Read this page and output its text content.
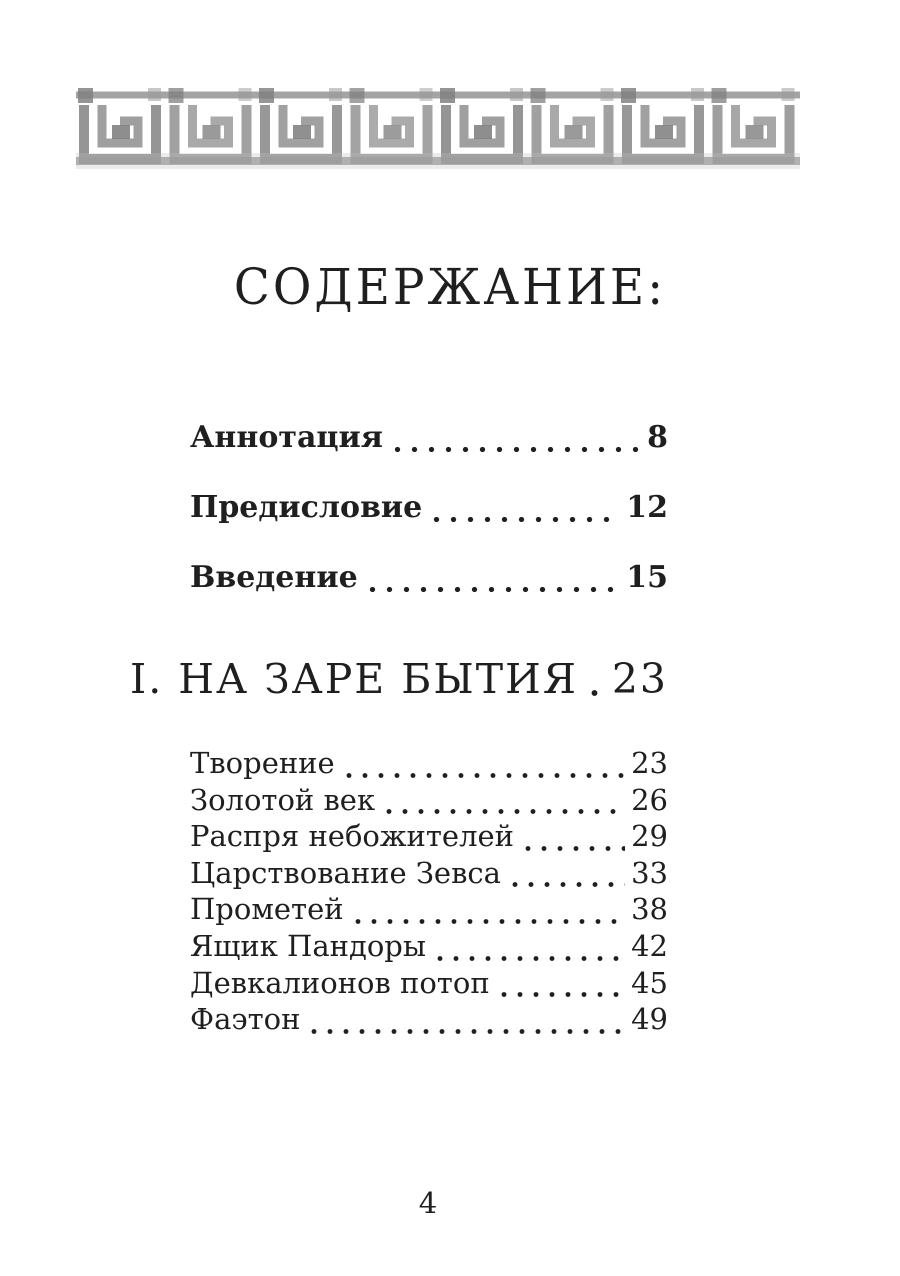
СОДЕРЖАНИЕ:
Аннотация	8
Предисловие	12
Введение	15
I. НА ЗАРЕ БЫТИЯ 23
Творение	23
Золотой век	26
Распря небожителей	29
Царствование Зевса	33
Прометей	38
Ящик Пандоры	42
Девкалионов потоп	45
Фаэтон	49
4
